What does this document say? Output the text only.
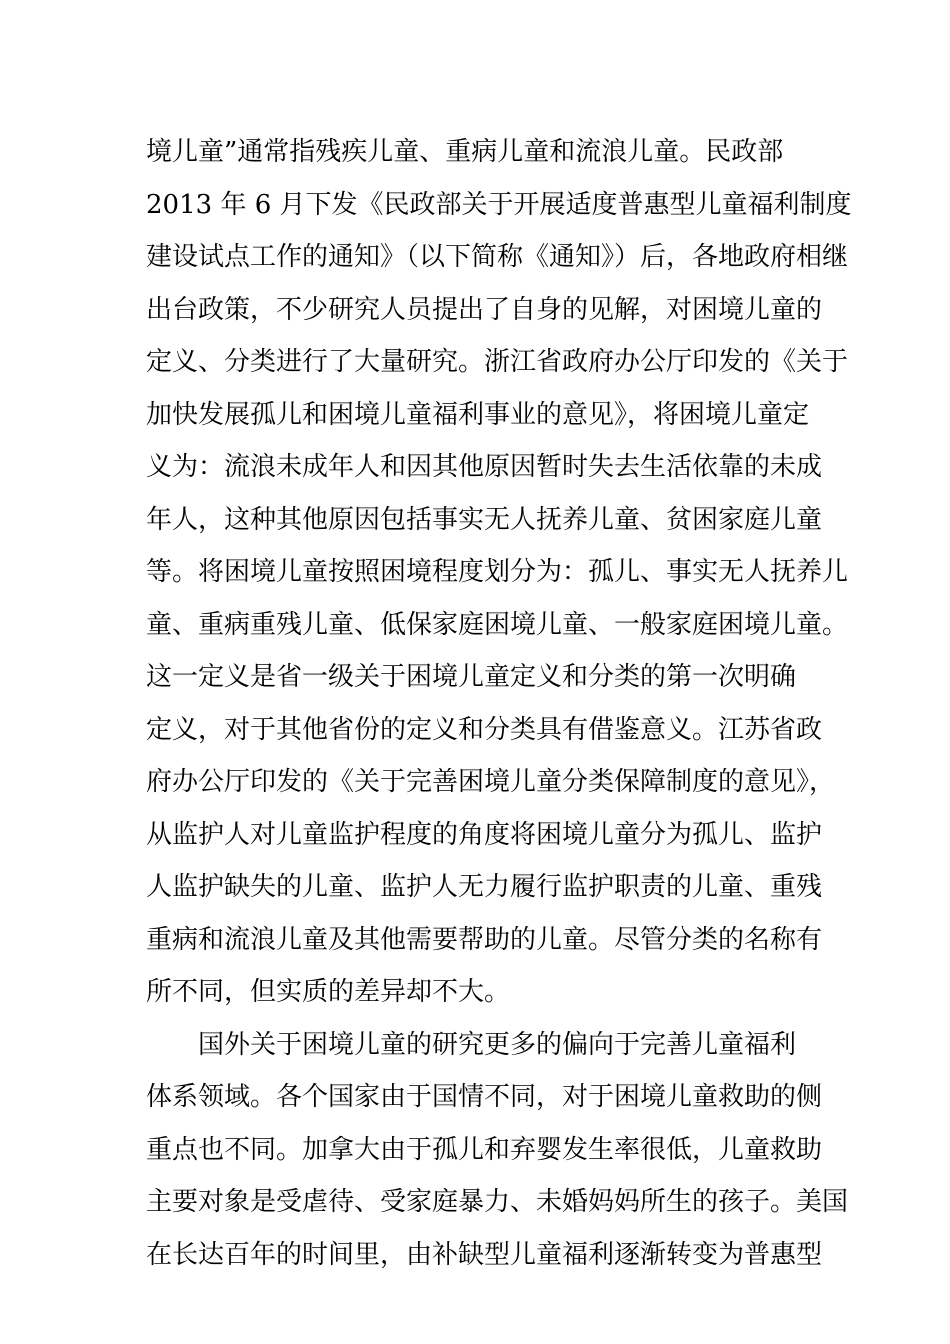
境儿童”通常指残疾儿童、重病儿童和流浪儿童。民政部
2013 年 6 月下发《民政部关于开展适度普惠型儿童福利制度
建设试点工作的通知》（以下简称《通知》）后，各地政府相继
出台政策，不少研究人员提出了自身的见解，对困境儿童的
定义、分类进行了大量研究。浙江省政府办公厅印发的《关于
加快发展孤儿和困境儿童福利事业的意见》，将困境儿童定
义为：流浪未成年人和因其他原因暂时失去生活依靠的未成
年人，这种其他原因包括事实无人抚养儿童、贫困家庭儿童
等。将困境儿童按照困境程度划分为：孤儿、事实无人抚养儿
童、重病重残儿童、低保家庭困境儿童、一般家庭困境儿童。
这一定义是省一级关于困境儿童定义和分类的第一次明确
定义，对于其他省份的定义和分类具有借鉴意义。江苏省政
府办公厅印发的《关于完善困境儿童分类保障制度的意见》，
从监护人对儿童监护程度的角度将困境儿童分为孤儿、监护
人监护缺失的儿童、监护人无力履行监护职责的儿童、重残
重病和流浪儿童及其他需要帮助的儿童。尽管分类的名称有
所不同，但实质的差异却不大。
国外关于困境儿童的研究更多的偏向于完善儿童福利
体系领域。各个国家由于国情不同，对于困境儿童救助的侧
重点也不同。加拿大由于孤儿和弃婴发生率很低，儿童救助
主要对象是受虐待、受家庭暴力、未婚妈妈所生的孩子。美国
在长达百年的时间里，由补缺型儿童福利逐渐转变为普惠型
